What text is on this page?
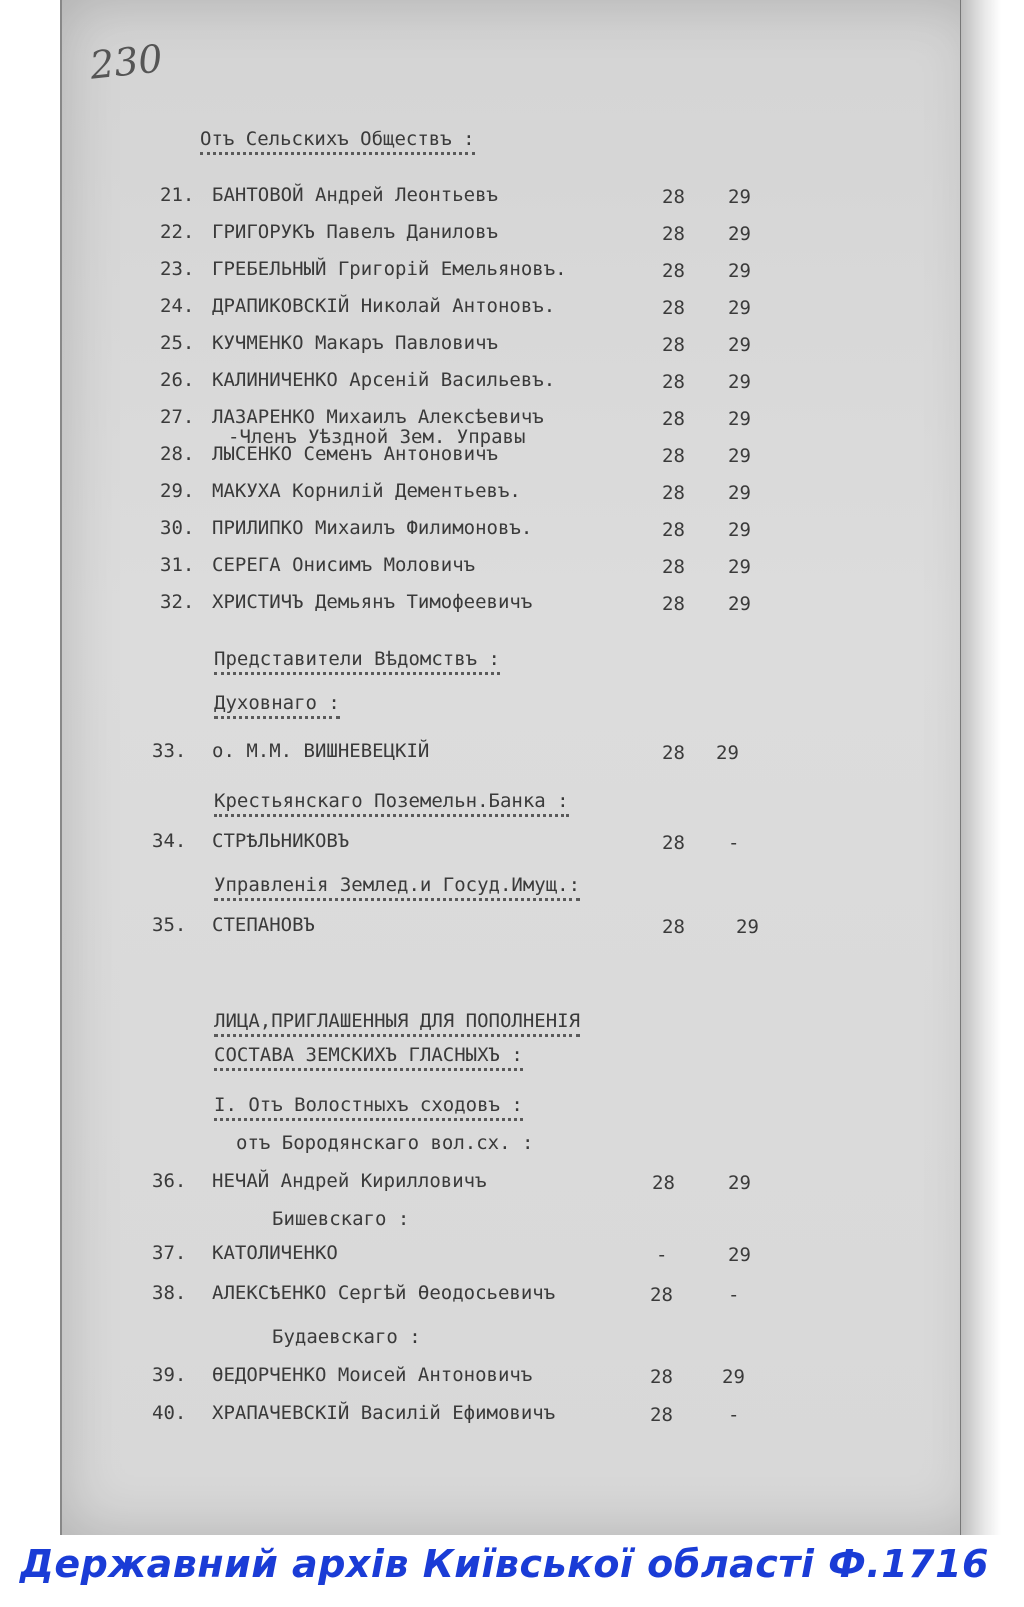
230
Отъ Сельскихъ Обществъ :
21. БАНТОВОЙ Андрей Леонтьевъ	28 29
22. ГРИГОРУКЪ Павелъ Даниловъ	28 29
23. ГРЕБЕЛЬНЫЙ Григорій Емельяновъ.	28 29
24. ДРАПИКОВСКІЙ Николай Антоновъ.	28 29
25. КУЧМЕНКО Макаръ Павловичъ	28 29
26. КАЛИНИЧЕНКО Арсеній Васильевъ.	28 29
27. ЛАЗАРЕНКО Михаилъ Алексѣевичъ	28 29
-Членъ Уѣздной Зем. Управы
28. ЛЫСЕНКО Семенъ Антоновичъ	28 29
29. МАКУХА Корнилій Дементьевъ.	28 29
30. ПРИЛИПКО Михаилъ Филимоновъ.	28 29
31. СЕРЕГА Онисимъ Моловичъ	28 29
32. ХРИСТИЧЪ Демьянъ Тимофеевичъ	28 29
Представители Вѣдомствъ :
Духовнаго :
33. о. М.М. ВИШНЕВЕЦКІЙ	28 29
Крестьянскаго Поземельн.Банка :
34. СТРѢЛЬНИКОВЪ	28 -
Управленія Землед.и Госуд.Имущ.:
35. СТЕПАНОВЪ	28	29
ЛИЦА,ПРИГЛАШЕННЫЯ ДЛЯ ПОПОЛНЕНІЯ
СОСТАВА ЗЕМСКИХЪ ГЛАСНЫХЪ :
I. Отъ Волостныхъ сходовъ :
отъ Бородянскаго вол.сх. :
36. НЕЧАЙ Андрей Кирилловичъ	28	29
Бишевскаго :
37. КАТОЛИЧЕНКО	-	29
38. АЛЕКСѢЕНКО Сергѣй Өеодосьевичъ	28	-
Будаевскаго :
39. ӨЕДОРЧЕНКО Моисей Антоновичъ	28	29
40. ХРАПАЧЕВСКІЙ Василій Ефимовичъ	28	-
Державний архів Київської області Ф.1716
